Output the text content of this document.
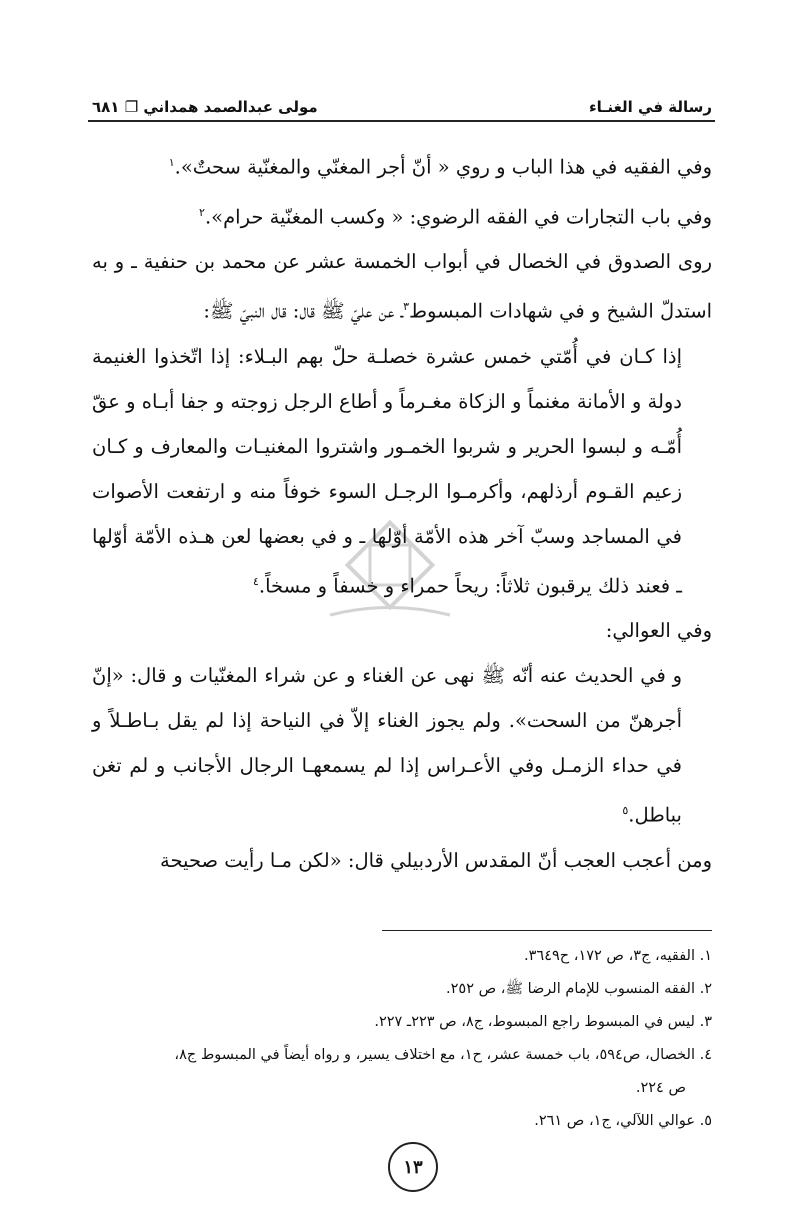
رسالة في الغنـاء
مولى عبدالصمد همداني ❐ ٦٨١

وفي الفقيه في هذا الباب و روي « أنّ أجر المغنّي والمغنّية سحتٌ».$^١$

وفي باب التجارات في الفقه الرضوي: « وكسب المغنّية حرام».$^٢$

روى الصدوق في الخصال في أبواب الخمسة عشر عن محمد بن حنفية ـ و به استدلّ الشيخ و في شهادات المبسوط$^٣$ـ عن عليّ ﷺ قال: قال النبيّ ﷺ:

إذا كـان في أُمّتي خمس عشرة خصلـة حلّ بهم البـلاء: إذا اتّخذوا الغنيمة دولة و الأمانة مغنماً و الزكاة مغـرماً و أطاع الرجل زوجته و جفا أبـاه و عقّ أُمّـه و لبسوا الحرير و شربوا الخمـور واشتروا المغنيـات والمعارف و كـان زعيم القـوم أرذلهم، وأكرمـوا الرجـل السوء خوفاً منه و ارتفعت الأصوات في المساجد وسبّ آخر هذه الأمّة أوّلها ـ و في بعضها لعن هـذه الأمّة أوّلها ـ فعند ذلك يرقبون ثلاثاً: ريحاً حمراء و خسفاً و مسخاً.$^٤$

وفي العوالي:

و في الحديث عنه أنّه ﷺ نهى عن الغناء و عن شراء المغنّيات و قال: «إنّ أجرهنّ من السحت». ولم يجوز الغناء إلاّ في النياحة إذا لم يقل بـاطـلاً و في حداء الزمـل وفي الأعـراس إذا لم يسمعهـا الرجال الأجانب و لم تغن بباطل.$^٥$

ومن أعجب العجب أنّ المقدس الأردبيلي قال: «لكن مـا رأيت صحيحة

١. الفقيه، ج٣، ص ١٧٢، ح٣٦٤٩.
٢. الفقه المنسوب للإمام الرضا ﷺ، ص ٢٥٢.
٣. ليس في المبسوط راجع المبسوط، ج٨، ص ٢٢٣ـ ٢٢٧.
٤. الخصال، ص٥٩٤، باب خمسة عشر، ح١، مع اختلاف يسير، و رواه أيضاً في المبسوط ج٨،
ص ٢٢٤.
٥. عوالي اللآلي، ج١، ص ٢٦١.
١٣
